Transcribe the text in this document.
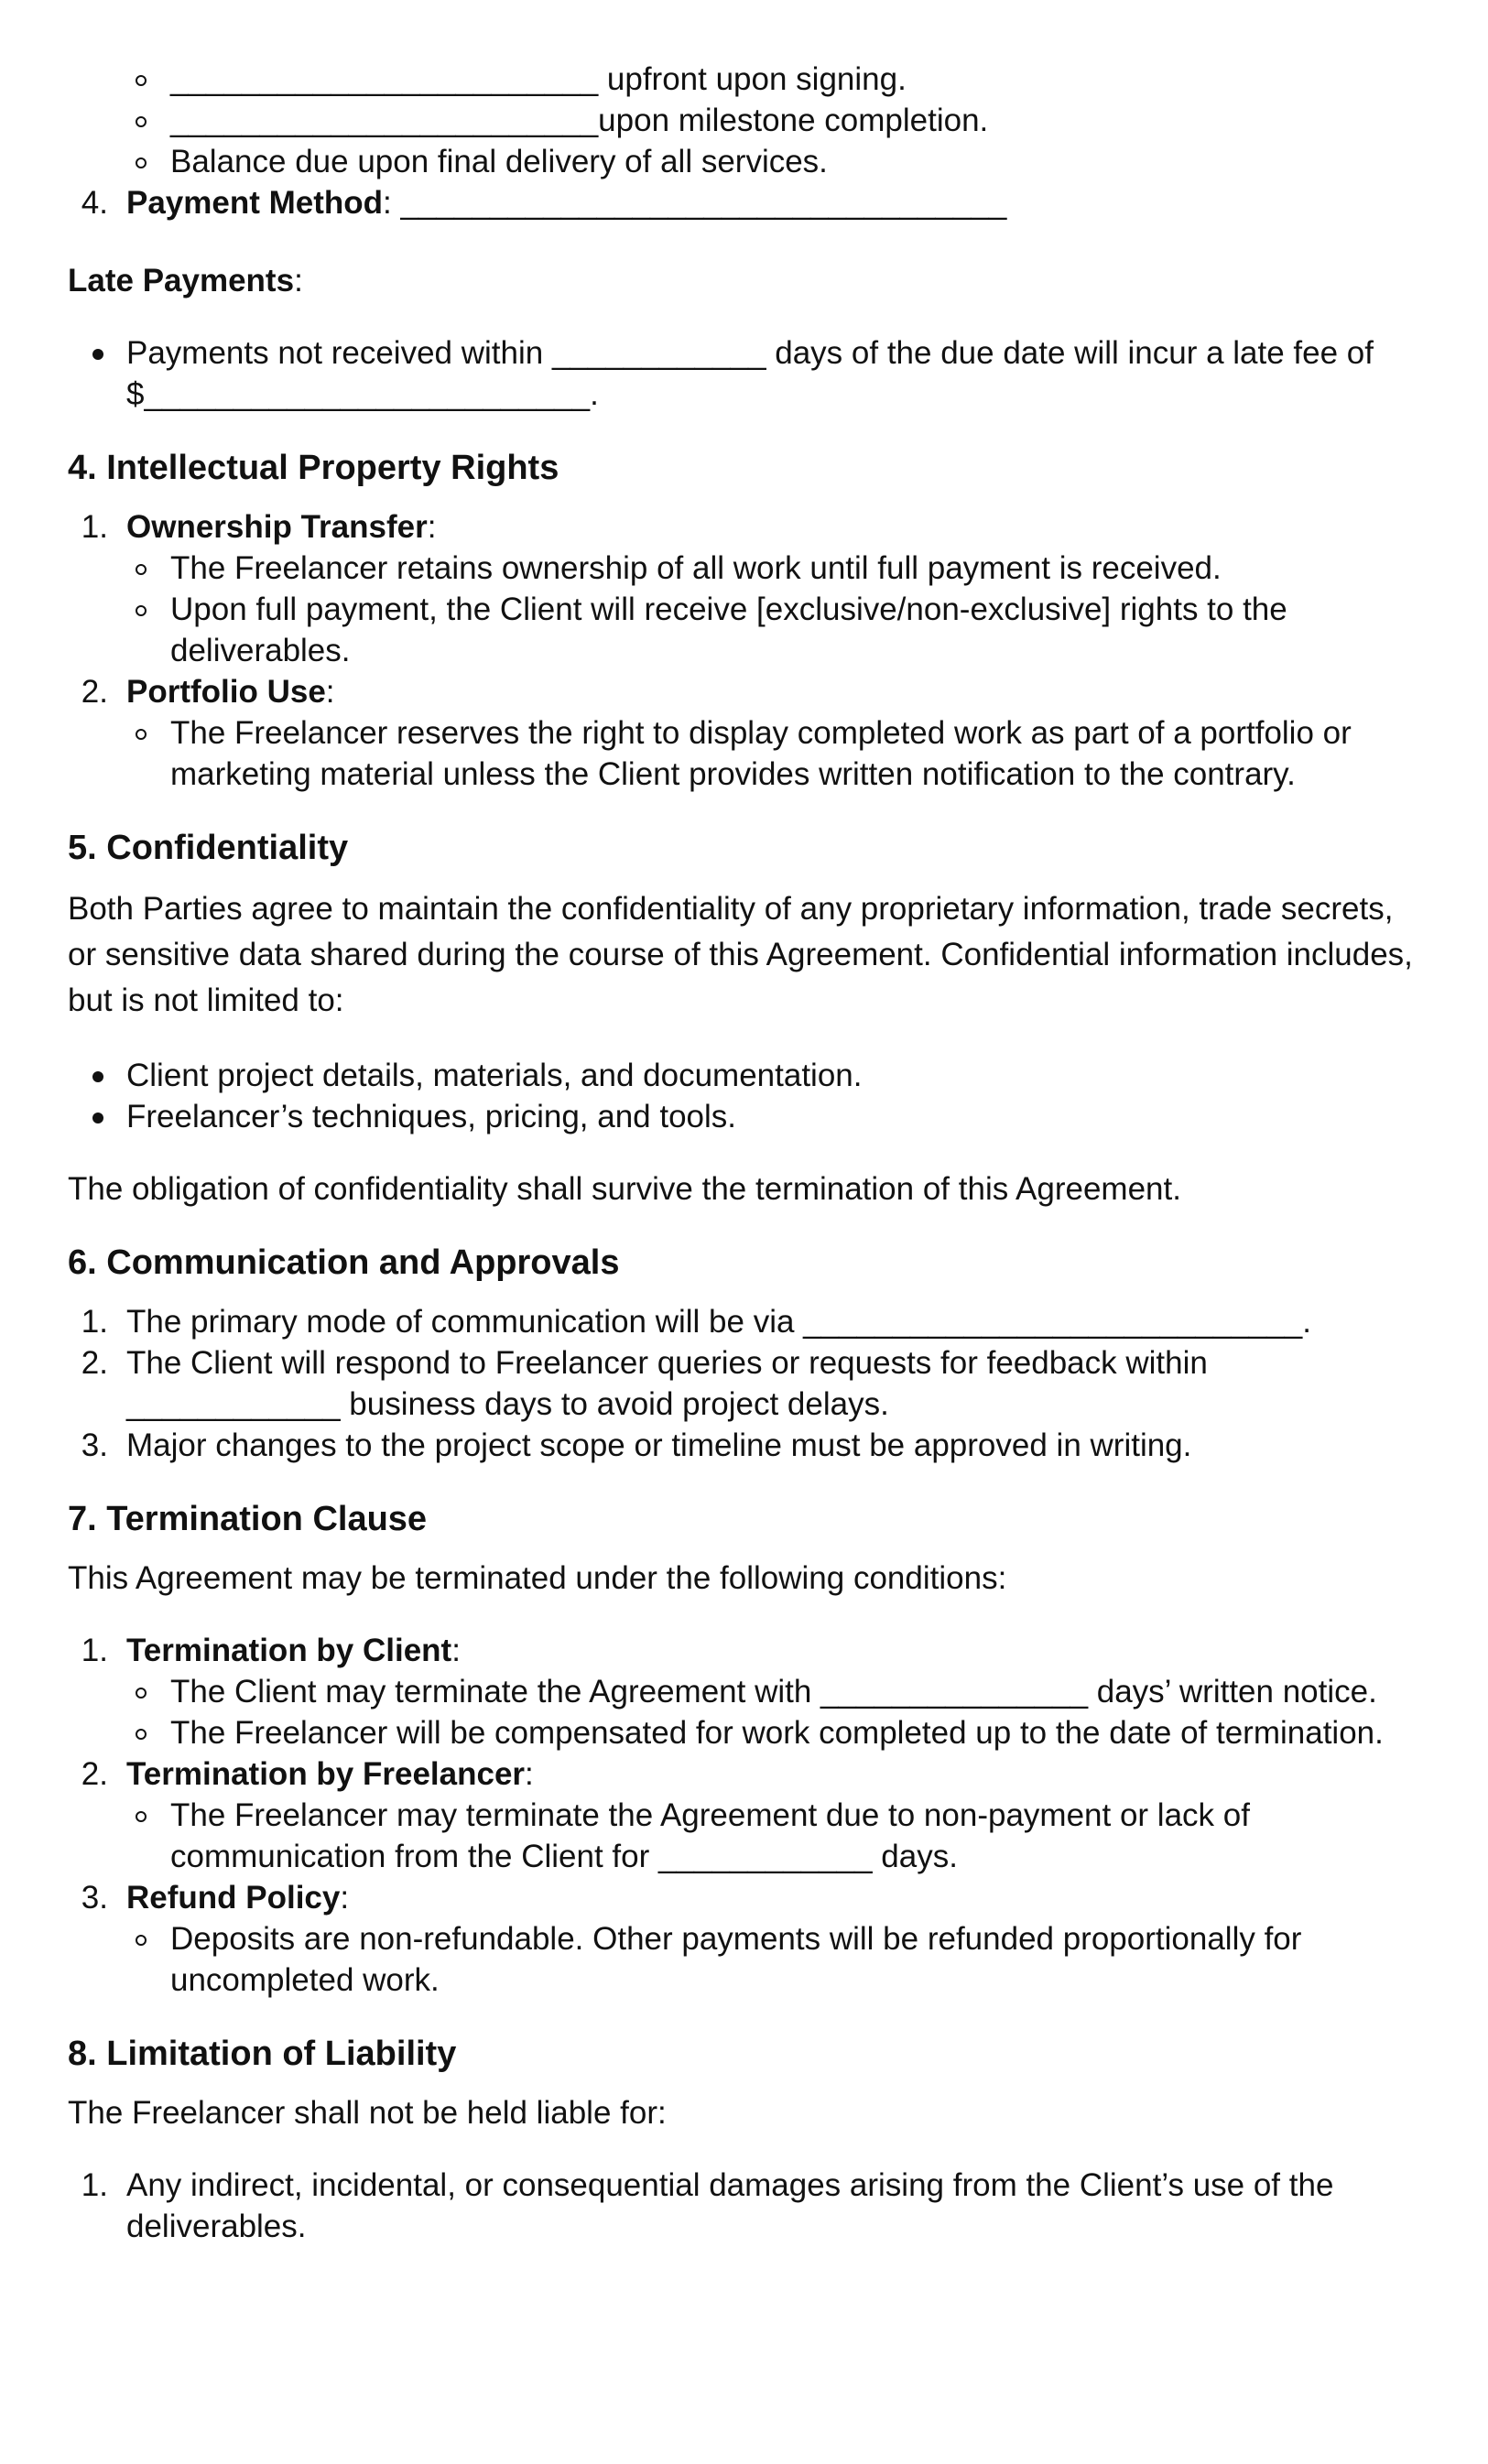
________________________ upfront upon signing.
________________________upon milestone completion.
Balance due upon final delivery of all services.
4. Payment Method: __________________________________

Late Payments:

Payments not received within ____________ days of the due date will incur a late fee of $_________________________.
4. Intellectual Property Rights
1. Ownership Transfer:
The Freelancer retains ownership of all work until full payment is received.
Upon full payment, the Client will receive [exclusive/non-exclusive] rights to the deliverables.
2. Portfolio Use:
The Freelancer reserves the right to display completed work as part of a portfolio or marketing material unless the Client provides written notification to the contrary.
5. Confidentiality

Both Parties agree to maintain the confidentiality of any proprietary information, trade secrets, or sensitive data shared during the course of this Agreement. Confidential information includes, but is not limited to:

Client project details, materials, and documentation.
Freelancer’s techniques, pricing, and tools.

The obligation of confidentiality shall survive the termination of this Agreement.

6. Communication and Approvals
1. The primary mode of communication will be via ____________________________.
2. The Client will respond to Freelancer queries or requests for feedback within ____________ business days to avoid project delays.
3. Major changes to the project scope or timeline must be approved in writing.
7. Termination Clause

This Agreement may be terminated under the following conditions:

1. Termination by Client:
The Client may terminate the Agreement with _______________ days’ written notice.
The Freelancer will be compensated for work completed up to the date of termination.
2. Termination by Freelancer:
The Freelancer may terminate the Agreement due to non-payment or lack of communication from the Client for ____________ days.
3. Refund Policy:
Deposits are non-refundable. Other payments will be refunded proportionally for uncompleted work.
8. Limitation of Liability

The Freelancer shall not be held liable for:

1. Any indirect, incidental, or consequential damages arising from the Client’s use of the deliverables.
